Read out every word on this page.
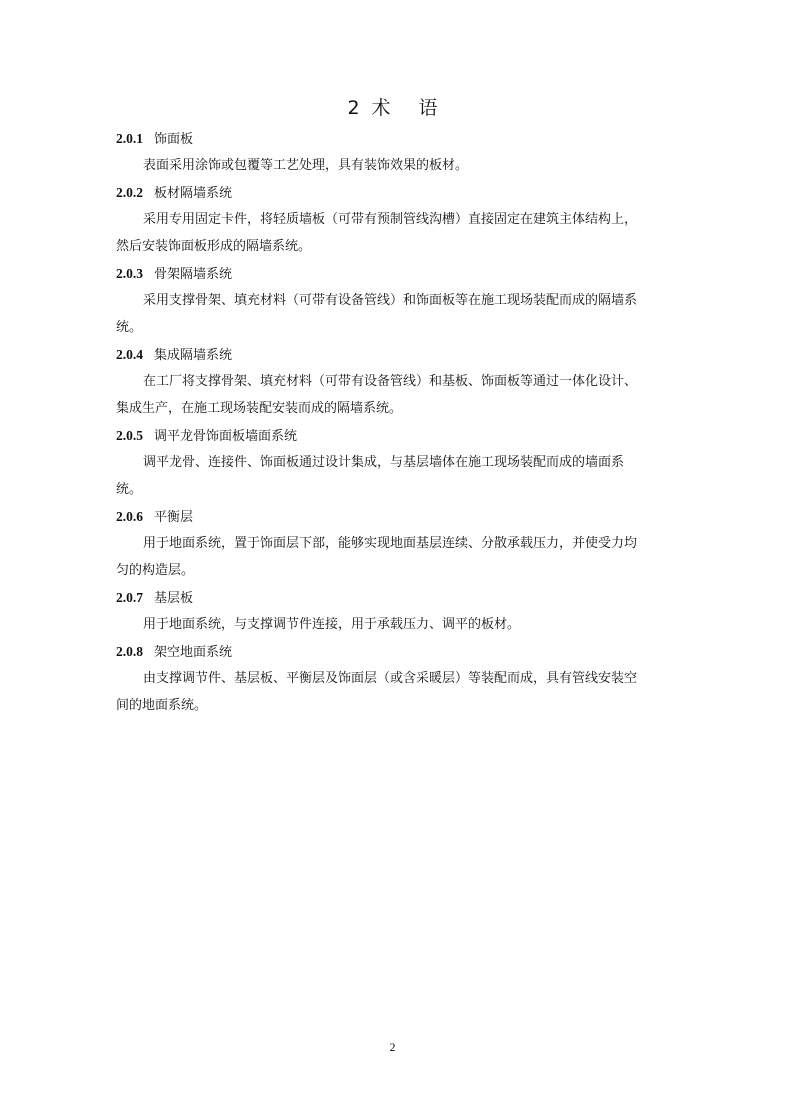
2 术 语
2.0.1 饰面板
表面采用涂饰或包覆等工艺处理，具有装饰效果的板材。
2.0.2 板材隔墙系统
采用专用固定卡件，将轻质墙板（可带有预制管线沟槽）直接固定在建筑主体结构上，
然后安装饰面板形成的隔墙系统。
2.0.3 骨架隔墙系统
采用支撑骨架、填充材料（可带有设备管线）和饰面板等在施工现场装配而成的隔墙系
统。
2.0.4 集成隔墙系统
在工厂将支撑骨架、填充材料（可带有设备管线）和基板、饰面板等通过一体化设计、
集成生产，在施工现场装配安装而成的隔墙系统。
2.0.5 调平龙骨饰面板墙面系统
调平龙骨、连接件、饰面板通过设计集成，与基层墙体在施工现场装配而成的墙面系
统。
2.0.6 平衡层
用于地面系统，置于饰面层下部，能够实现地面基层连续、分散承载压力，并使受力均
匀的构造层。
2.0.7 基层板
用于地面系统，与支撑调节件连接，用于承载压力、调平的板材。
2.0.8 架空地面系统
由支撑调节件、基层板、平衡层及饰面层（或含采暖层）等装配而成，具有管线安装空
间的地面系统。
2
